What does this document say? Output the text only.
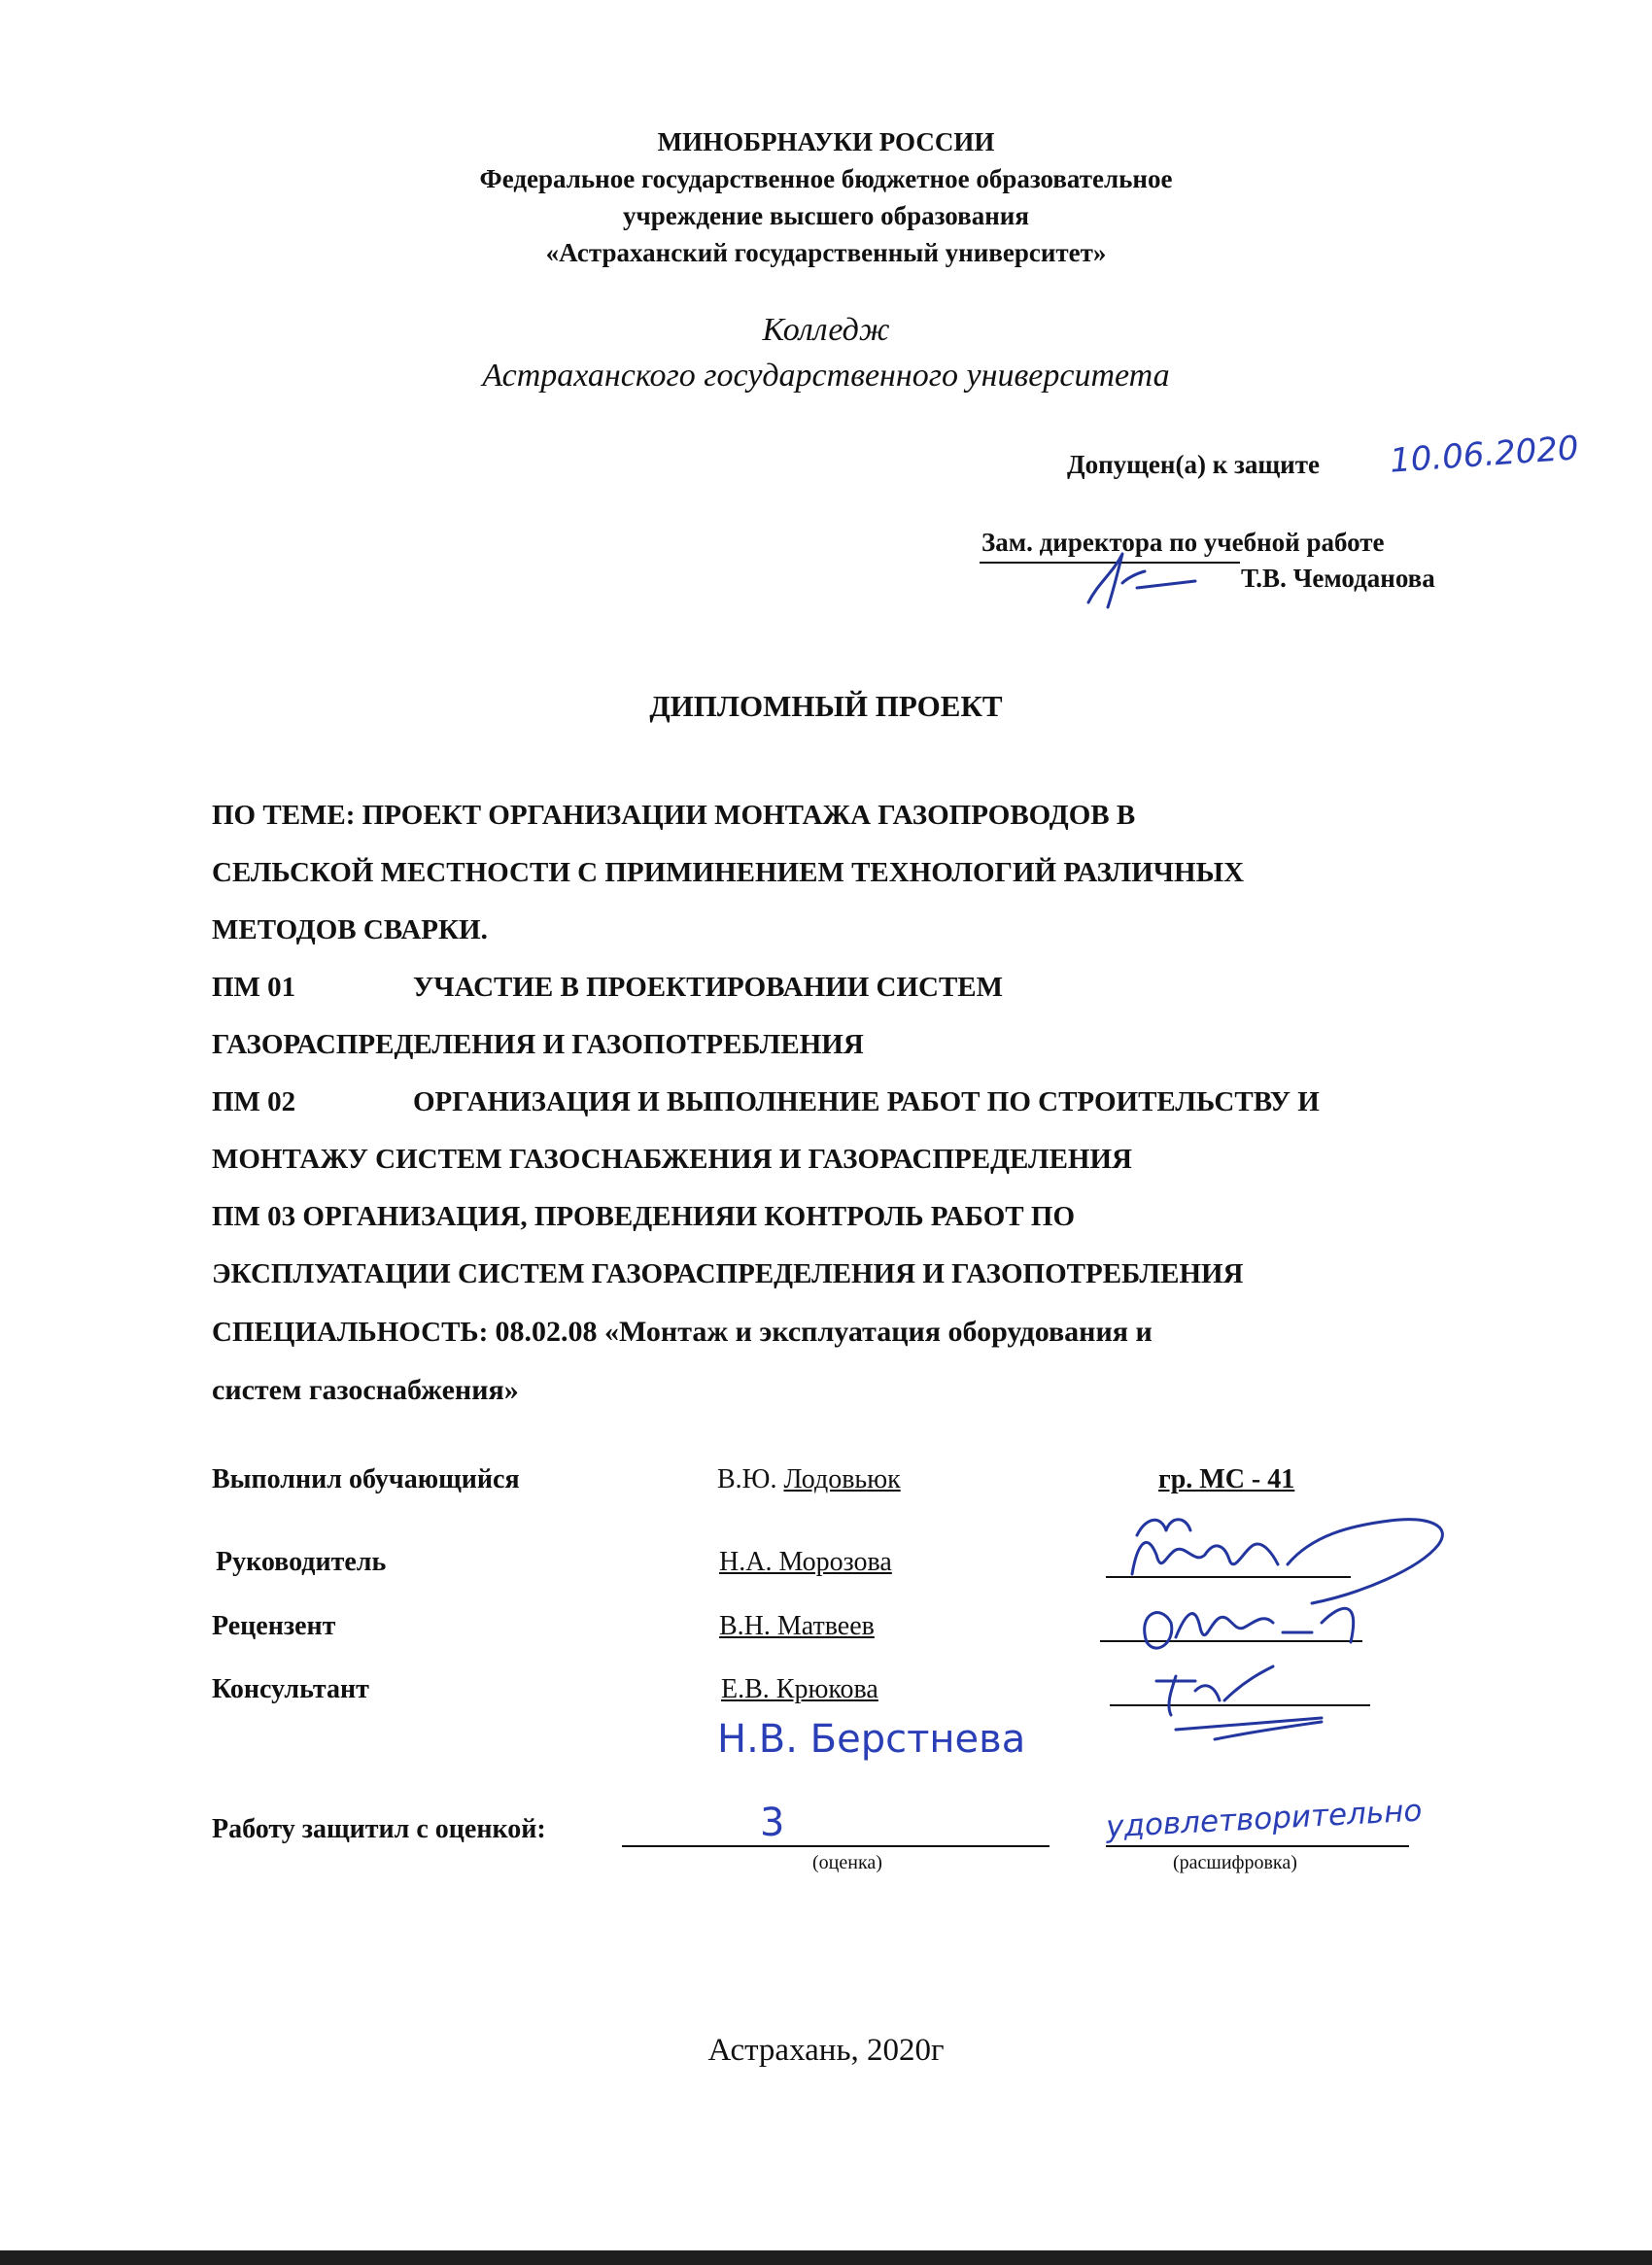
МИНОБРНАУКИ РОССИИ
Федеральное государственное бюджетное образовательное
учреждение высшего образования
«Астраханский государственный университет»
Колледж
Астраханского государственного университета
Допущен(а) к защите 10.06.2020
Зам. директора по учебной работе
Т.В. Чемоданова
ДИПЛОМНЫЙ ПРОЕКТ
ПО ТЕМЕ: ПРОЕКТ ОРГАНИЗАЦИИ МОНТАЖА ГАЗОПРОВОДОВ В
СЕЛЬСКОЙ МЕСТНОСТИ С ПРИМИНЕНИЕМ ТЕХНОЛОГИЙ РАЗЛИЧНЫХ
МЕТОДОВ СВАРКИ.
ПМ 01	УЧАСТИЕ В ПРОЕКТИРОВАНИИ СИСТЕМ
ГАЗОРАСПРЕДЕЛЕНИЯ И ГАЗОПОТРЕБЛЕНИЯ
ПМ 02	ОРГАНИЗАЦИЯ И ВЫПОЛНЕНИЕ РАБОТ ПО СТРОИТЕЛЬСТВУ И
МОНТАЖУ СИСТЕМ ГАЗОСНАБЖЕНИЯ И ГАЗОРАСПРЕДЕЛЕНИЯ
ПМ 03 ОРГАНИЗАЦИЯ, ПРОВЕДЕНИЯИ КОНТРОЛЬ РАБОТ ПО
ЭКСПЛУАТАЦИИ СИСТЕМ ГАЗОРАСПРЕДЕЛЕНИЯ И ГАЗОПОТРЕБЛЕНИЯ
СПЕЦИАЛЬНОСТЬ: 08.02.08 «Монтаж и эксплуатация оборудования и
систем газоснабжения»
Выполнил обучающийся	В.Ю. Лодовьюк	гр. МС - 41
Руководитель	Н.А. Морозова
Рецензент	В.Н. Матвеев
Консультант	Е.В. Крюкова
Н.В. Берстнева
Работу защитил с оценкой:	3	удовлетворительно
(оценка)	(расшифровка)
Астрахань, 2020г
